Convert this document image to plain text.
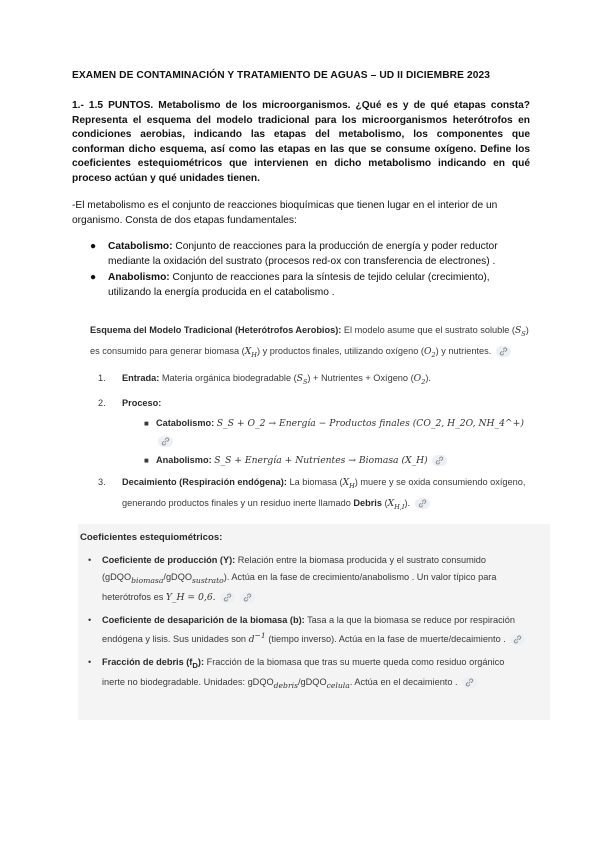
EXAMEN DE CONTAMINACIÓN Y TRATAMIENTO DE AGUAS – UD II DICIEMBRE 2023
1.- 1.5 PUNTOS. Metabolismo de los microorganismos. ¿Qué es y de qué etapas consta? Representa el esquema del modelo tradicional para los microorganismos heterótrofos en condiciones aerobias, indicando las etapas del metabolismo, los componentes que conforman dicho esquema, así como las etapas en las que se consume oxígeno. Define los coeficientes estequiométricos que intervienen en dicho metabolismo indicando en qué proceso actúan y qué unidades tienen.
-El metabolismo es el conjunto de reacciones bioquímicas que tienen lugar en el interior de un organismo. Consta de dos etapas fundamentales:
● Catabolismo: Conjunto de reacciones para la producción de energía y poder reductor mediante la oxidación del sustrato (procesos red-ox con transferencia de electrones) .
● Anabolismo: Conjunto de reacciones para la síntesis de tejido celular (crecimiento), utilizando la energía producida en el catabolismo .
Esquema del Modelo Tradicional (Heterótrofos Aerobios): El modelo asume que el sustrato soluble $(S_S)$ es consumido para generar biomasa $(X_H)$ y productos finales, utilizando oxígeno $(O_2)$ y nutrientes.
1. Entrada: Materia orgánica biodegradable $(S_S)$ + Nutrientes + Oxígeno $(O_2)$.
2. Proceso:
■ Catabolismo: S_S + O_2 → Energía − Productos finales (CO_2, H_2O, NH_4^+)
■ Anabolismo: S_S + Energía + Nutrientes → Biomasa (X_H)
3. Decaimiento (Respiración endógena): La biomasa $(X_H)$ muere y se oxida consumiendo oxígeno, generando productos finales y un residuo inerte llamado Debris $(X_{H,I})$.
Coeficientes estequiométricos:
• Coeficiente de producción (Y): Relación entre la biomasa producida y el sustrato consumido (gDQO$_{biomasa}$/gDQO$_{sustrato}$). Actúa en la fase de crecimiento/anabolismo . Un valor típico para heterótrofos es Y_H = 0,6.

• Coeficiente de desaparición de la biomasa (b): Tasa a la que la biomasa se reduce por respiración endógena y lisis. Sus unidades son $d^{-1}$ (tiempo inverso). Actúa en la fase de muerte/decaimiento .
• Fracción de debris $(f_D)$: Fracción de la biomasa que tras su muerte queda como residuo orgánico inerte no biodegradable. Unidades: gDQO$_{debris}$/gDQO$_{celula}$. Actúa en el decaimiento .
